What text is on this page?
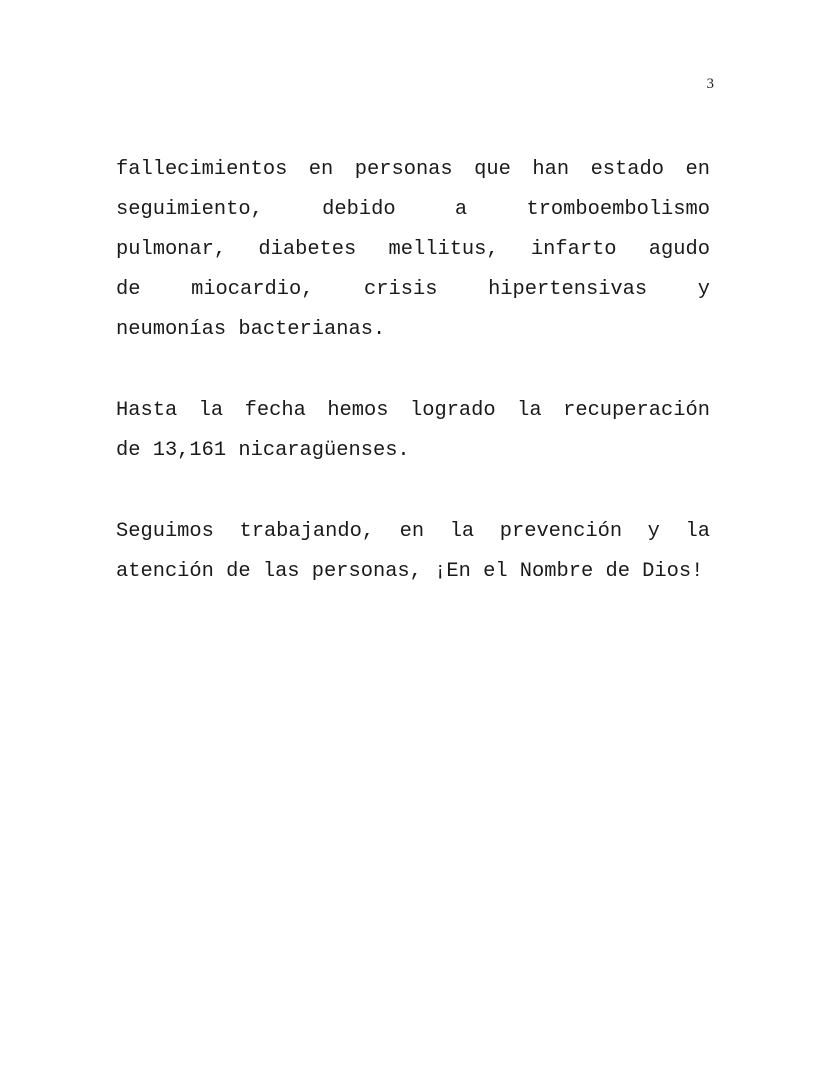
3
fallecimientos en personas que han estado en
seguimiento,	debido	a	tromboembolismo
pulmonar, diabetes mellitus, infarto agudo
de miocardio, crisis hipertensivas y
neumonías bacterianas.
Hasta la fecha hemos logrado la recuperación
de 13,161 nicaragüenses.
Seguimos trabajando, en la prevención y la
atención de las personas, ¡En el Nombre de Dios!
